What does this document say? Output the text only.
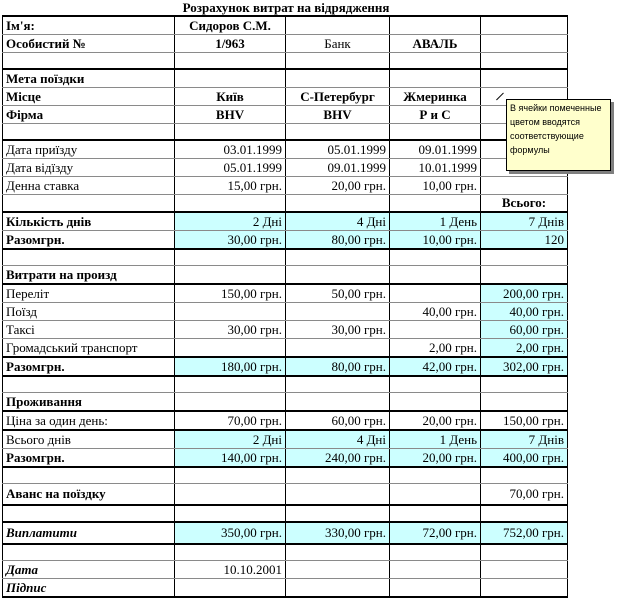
Розрахунок витрат на відрядження
Ім'я:	Сидоров С.М.			
Особистий №	1/963	Банк	АВАЛЬ	

Мета поїздки				
Місце	Київ	С-Петербург	Жмеринка	
Фірма	BHV	BHV	Р и С	

Дата приїзду	03.01.1999	05.01.1999	09.01.1999	
Дата відїзду	05.01.1999	09.01.1999	10.01.1999	
Денна ставка	15,00 грн.	20,00 грн.	10,00 грн.	
				Всього:
Кількість днів	2 Дні	4 Дні	1 День	7 Днів
Разомгрн.	30,00 грн.	80,00 грн.	10,00 грн.	120

Витрати на произд				
Переліт	150,00 грн.	50,00 грн.		200,00 грн.
Поїзд			40,00 грн.	40,00 грн.
Таксі	30,00 грн.	30,00 грн.		60,00 грн.
Громадський транспорт			2,00 грн.	2,00 грн.
Разомгрн.	180,00 грн.	80,00 грн.	42,00 грн.	302,00 грн.

Проживання				
Ціна за один день:	70,00 грн.	60,00 грн.	20,00 грн.	150,00 грн.
Всього днів	2 Дні	4 Дні	1 День	7 Днів
Разомгрн.	140,00 грн.	240,00 грн.	20,00 грн.	400,00 грн.

Аванс на поїздку				70,00 грн.

Виплатити	350,00 грн.	330,00 грн.	72,00 грн.	752,00 грн.

Дата	10.10.2001			
Підпис				
В ячейки помеченные цветом вводятся соответствующие формулы
